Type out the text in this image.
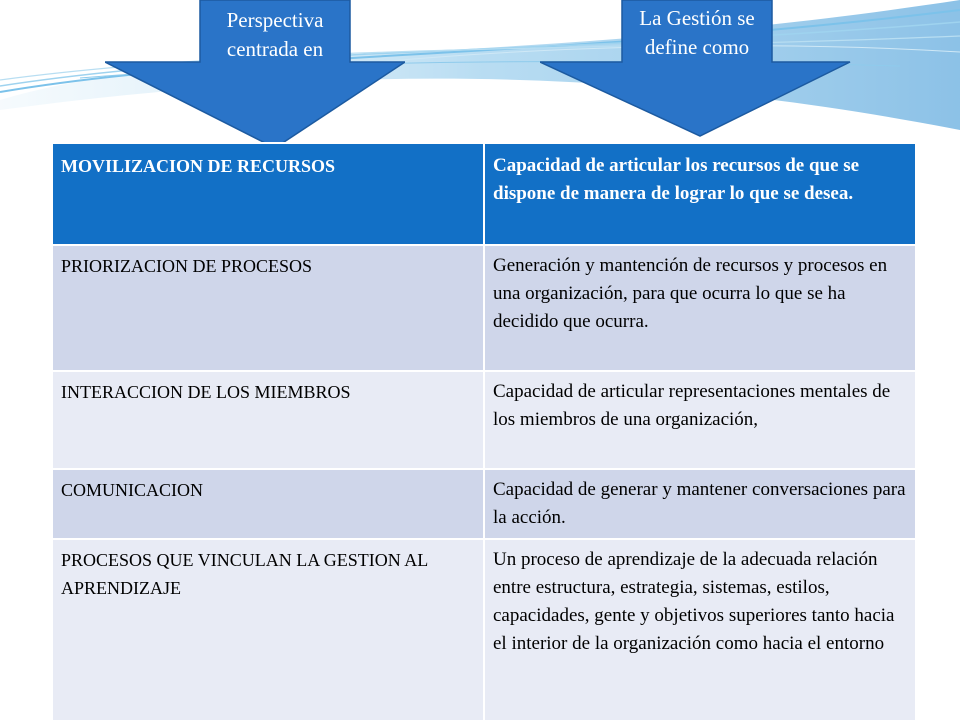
Perspectiva centrada en
La Gestión se define como
MOVILIZACION DE RECURSOS	Capacidad de articular los recursos de que se dispone de manera de lograr lo que se desea.
PRIORIZACION DE PROCESOS	Generación y mantención de recursos y procesos en una organización, para que ocurra lo que se ha decidido que ocurra.
INTERACCION DE LOS MIEMBROS	Capacidad de articular representaciones mentales de los miembros de una organización,
COMUNICACION	Capacidad de generar y mantener conversaciones para la acción.
PROCESOS QUE VINCULAN LA GESTION AL APRENDIZAJE	Un proceso de aprendizaje de la adecuada relación entre estructura, estrategia, sistemas, estilos, capacidades, gente y objetivos superiores tanto hacia el interior de la organización como hacia el entorno
